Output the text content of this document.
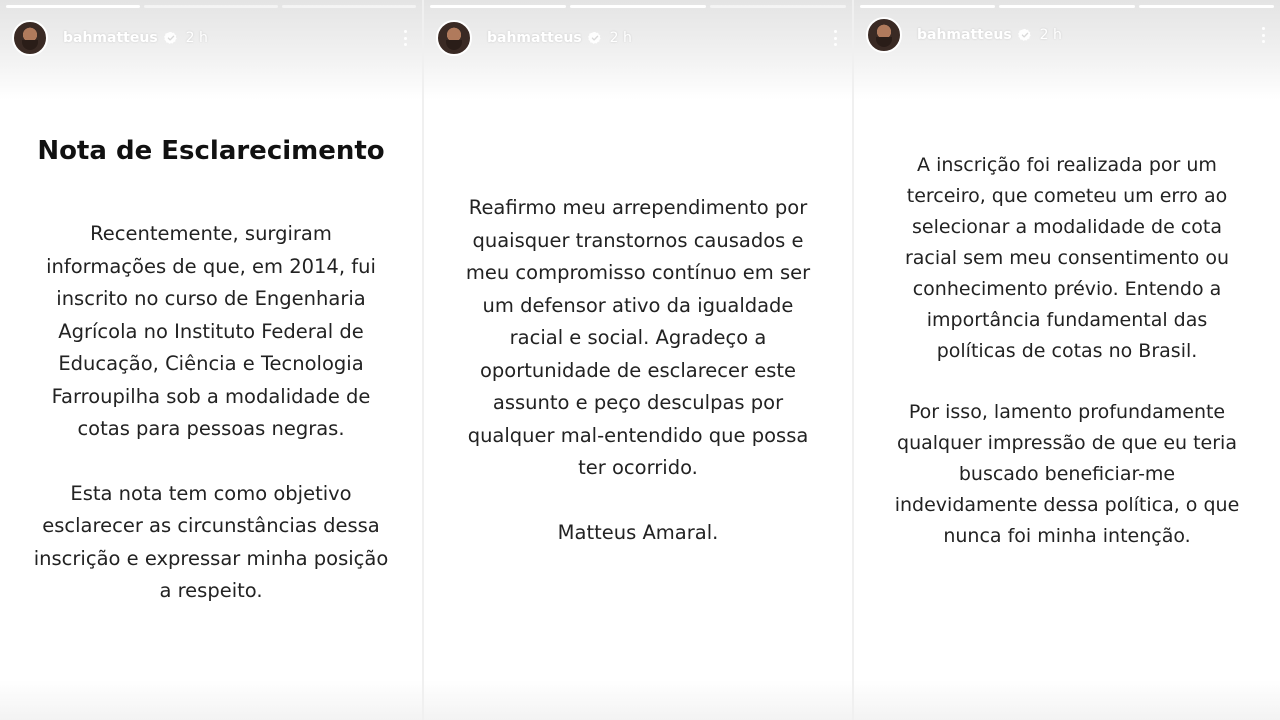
bahmatteus 2 h
Nota de Esclarecimento

Recentemente, surgiram informações de que, em 2014, fui inscrito no curso de Engenharia Agrícola no Instituto Federal de Educação, Ciência e Tecnologia Farroupilha sob a modalidade de cotas para pessoas negras.

Esta nota tem como objetivo esclarecer as circunstâncias dessa inscrição e expressar minha posição a respeito.

bahmatteus 2 h

Reafirmo meu arrependimento por quaisquer transtornos causados e meu compromisso contínuo em ser um defensor ativo da igualdade racial e social. Agradeço a oportunidade de esclarecer este assunto e peço desculpas por qualquer mal-entendido que possa ter ocorrido.

Matteus Amaral.

bahmatteus 2 h

A inscrição foi realizada por um terceiro, que cometeu um erro ao selecionar a modalidade de cota racial sem meu consentimento ou conhecimento prévio. Entendo a importância fundamental das políticas de cotas no Brasil.

Por isso, lamento profundamente qualquer impressão de que eu teria buscado beneficiar-me indevidamente dessa política, o que nunca foi minha intenção.
